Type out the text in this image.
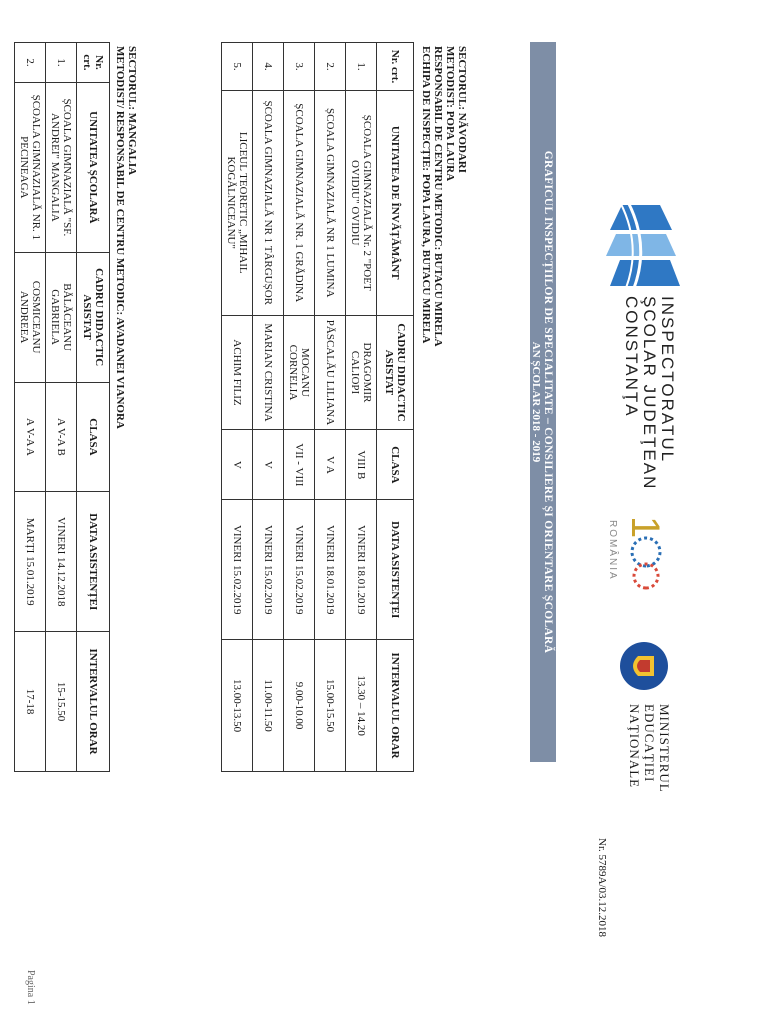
INSPECTORATUL
ŞCOLAR JUDEŢEAN
CONSTANŢA
1
ROMÂNIA
MINISTERUL
EDUCAŢIEI
NAŢIONALE
Nr. 5789A/03.12.2018
GRAFICUL INSPECȚIILOR DE SPECIALITATE – CONSILIERE ȘI ORIENTARE ȘCOLARĂ
AN ȘCOLAR 2018 - 2019
SECTORUL: NĂVODARI
METODIST: POPA LAURA
RESPONSABIL DE CENTRU METODIC: BUTACU MIRELA
ECHIPA DE INSPECȚIE: POPA LAURA, BUTACU MIRELA
Nr. crt.	UNITATEA DE ÎNVĂȚĂMÂNT	CADRU DIDACTIC ASISTAT	CLASA	DATA ASISTENȚEI	INTERVALUL ORAR
1.	ȘCOALA GIMNAZIALĂ Nr. 2 "POET OVIDIU" OVIDIU	DRAGOMIR CALIOPI	VIII B	VINERI 18.01.2019	13.30 – 14.20
2.	ȘCOALA GIMNAZIALĂ NR 1 LUMINA	PĂSCALĂU LILIANA	V A	VINERI 18.01.2019	15.00-15.50
3.	ȘCOALA GIMNAZIALĂ NR. 1 GRĂDINA	MOCANU CORNELIA	VII - VIII	VINERI 15.02.2019	9.00-10.00
4.	ȘCOALA GIMNAZIALĂ NR 1 TÂRGUȘOR	MARIAN CRISTINA	V	VINERI 15.02.2019	11.00-11.50
5.	LICEUL TEORETIC „MIHAIL KOGĂLNICEANU"	ACHIM FILIZ	V	VINERI 15.02.2019	13.00-13.50
SECTORUL: MANGALIA
METODIST/ RESPONSABIL DE CENTRU METODIC: AVADANEI VIANORA
Nr. crt.	UNITATEA ȘCOLARĂ	CADRU DIDACTIC ASISTAT	CLASA	DATA ASISTENȚEI	INTERVALUL ORAR
1.	ȘCOALA GIMNAZIALĂ "SF. ANDREI" MANGALIA	BĂLĂCEANU GABRIELA	A V-A B	VINERI 14.12.2018	15-15.50
2.	ȘCOALA GIMNAZIALĂ NR. 1 PECINEAGA	COSMICEANU ANDREEA	A V-A A	MARȚI 15.01.2019	17-18
Pagina 1
